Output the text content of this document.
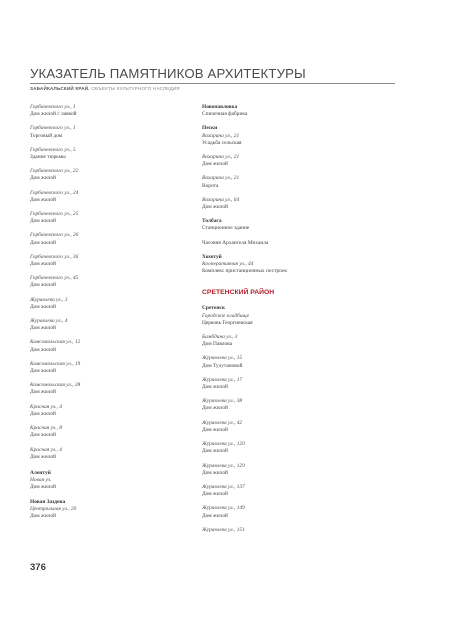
УКАЗАТЕЛЬ ПАМЯТНИКОВ АРХИТЕКТУРЫ
ЗАБАЙКАЛЬСКИЙ КРАЙ. ОБЪЕКТЫ КУЛЬТУРНОГО НАСЛЕДИЯ
Горбачевского ул., 1
Дом жилой с лавкой
Горбачевского ул., 1
Торговый дом
Горбачевского ул., 5
Здание тюрьмы
Горбачевского ул., 22
Дом жилой
Горбачевского ул., 24
Дом жилой
Горбачевского ул., 25
Дом жилой
Горбачевского ул., 26
Дом жилой
Горбачевского ул., 36
Дом жилой
Горбачевского ул., 45
Дом жилой
Журавлева ул., 3
Дом жилой
Журавлева ул., 4
Дом жилой
Комсомольская ул., 12
Дом жилой
Комсомольская ул., 19
Дом жилой
Комсомольская ул., 28
Дом жилой
Красная ул., 4
Дом жилой
Красная ул., 8
Дом жилой
Красная ул., 4
Дом жилой
Алентуй
Новая ул.
Дом жилой
Новая Заздена
Центральная ул., 20
Дом жилой
Новопавловка
Спичечная фабрика
Пески
Вахарина ул., 21
Усадьба сельская
Вахарина ул., 21
Дом жилой
Вахарина ул., 21
Ворота
Вахарина ул., 64
Дом жилой
Толбага
Станционное здание
Часовня Архангела Михаила
Хохотуй
Кооперативная ул., 44
Комплекс пристанционных построек
СРЕТЕНСКИЙ РАЙОН
Сретенск
Городское кладбище
Церковь Георгиевская
Бамбдина ул., 3
Дом Павлова
Журавлева ул., 15
Дом Тулутановой
Журавлева ул., 17
Дом жилой
Журавлева ул., 38
Дом жилой
Журавлева ул., 42
Дом жилой
Журавлева ул., 120
Дом жилой
Журавлева ул., 129
Дом жилой
Журавлева ул., 137
Дом жилой
Журавлева ул., 149
Дом жилой
Журавлева ул., 151
376
